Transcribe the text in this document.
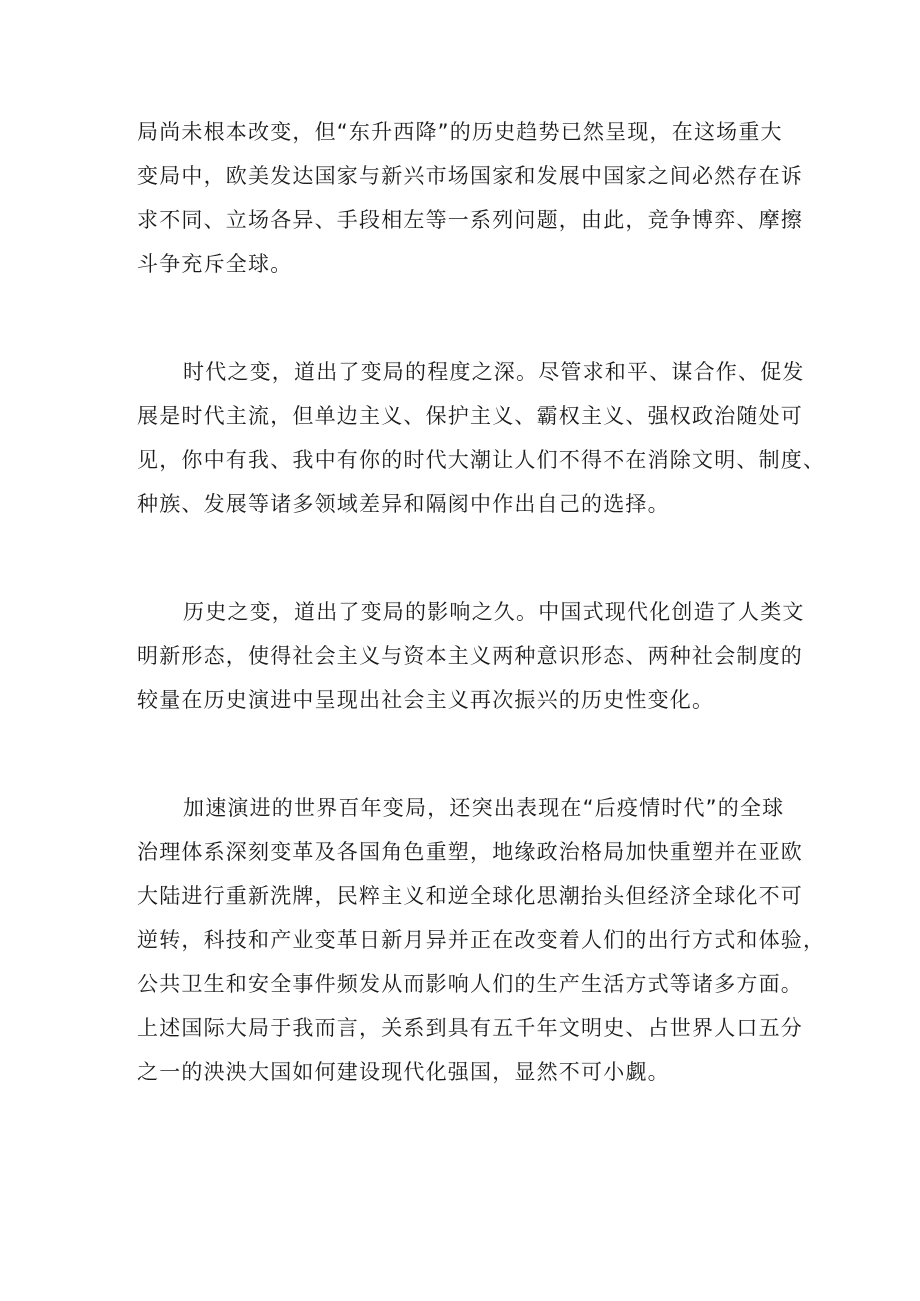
局尚未根本改变，但“东升西降”的历史趋势已然呈现，在这场重大
变局中，欧美发达国家与新兴市场国家和发展中国家之间必然存在诉
求不同、立场各异、手段相左等一系列问题，由此，竞争博弈、摩擦
斗争充斥全球。
时代之变，道出了变局的程度之深。尽管求和平、谋合作、促发
展是时代主流，但单边主义、保护主义、霸权主义、强权政治随处可
见，你中有我、我中有你的时代大潮让人们不得不在消除文明、制度、
种族、发展等诸多领域差异和隔阂中作出自己的选择。
历史之变，道出了变局的影响之久。中国式现代化创造了人类文
明新形态，使得社会主义与资本主义两种意识形态、两种社会制度的
较量在历史演进中呈现出社会主义再次振兴的历史性变化。
加速演进的世界百年变局，还突出表现在“后疫情时代”的全球
治理体系深刻变革及各国角色重塑，地缘政治格局加快重塑并在亚欧
大陆进行重新洗牌，民粹主义和逆全球化思潮抬头但经济全球化不可
逆转，科技和产业变革日新月异并正在改变着人们的出行方式和体验，
公共卫生和安全事件频发从而影响人们的生产生活方式等诸多方面。
上述国际大局于我而言，关系到具有五千年文明史、占世界人口五分
之一的泱泱大国如何建设现代化强国，显然不可小觑。
